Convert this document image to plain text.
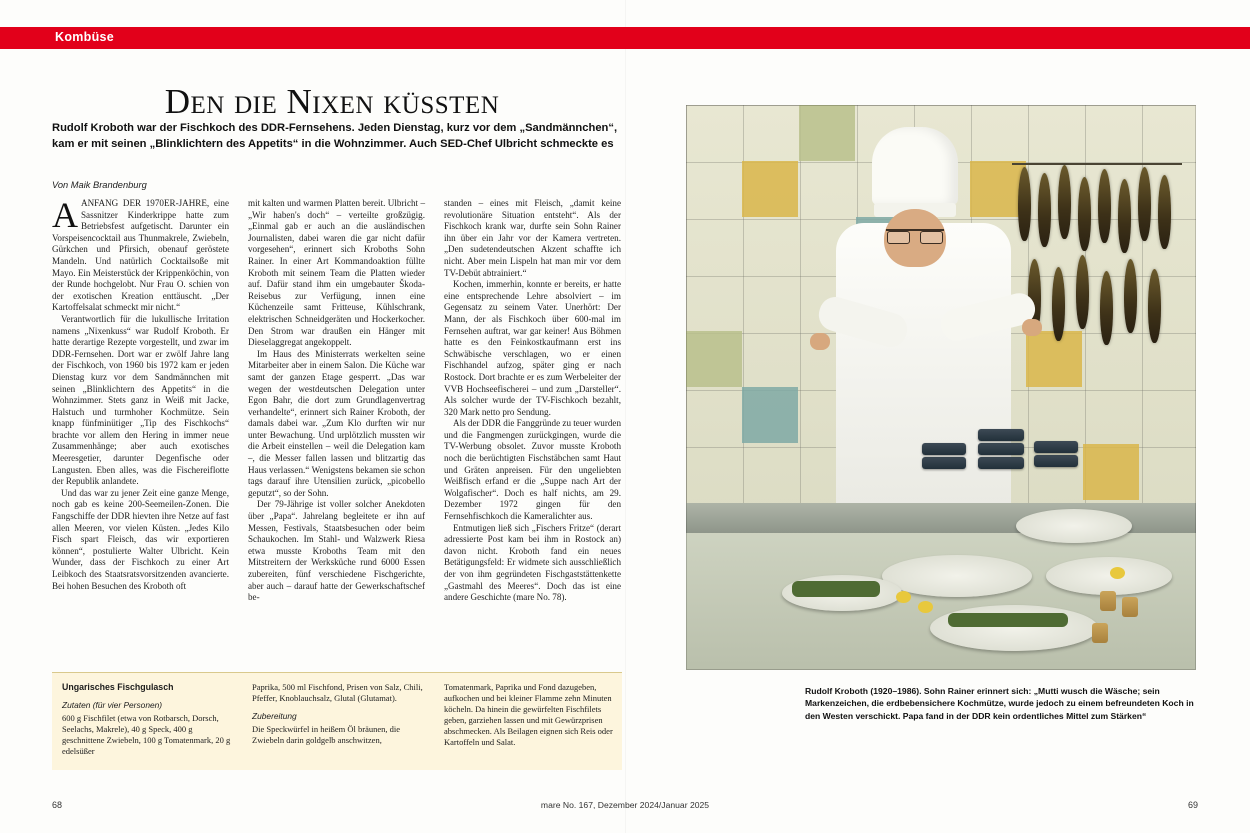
Kombüse
Den die Nixen küssten
Rudolf Kroboth war der Fischkoch des DDR-Fernsehens. Jeden Dienstag, kurz vor dem „Sandmännchen“, kam er mit seinen „Blinklichtern des Appetits“ in die Wohnzimmer. Auch SED-Chef Ulbricht schmeckte es
Von Maik Brandenburg

AANFANG DER 1970ER-JAHRE, eine Sassnitzer Kinderkrippe hatte zum Betriebsfest aufgetischt. Darunter ein Vorspeisencocktail aus Thunmakrele, Zwiebeln, Gürkchen und Pfirsich, obenauf geröstete Mandeln. Und natürlich Cocktailsoße mit Mayo. Ein Meisterstück der Krippenköchin, von der Runde hochgelobt. Nur Frau O. schien von der exotischen Kreation enttäuscht. „Der Kartoffelsalat schmeckt mir nicht.“

Verantwortlich für die lukullische Irritation namens „Nixenkuss“ war Rudolf Kroboth. Er hatte derartige Rezepte vorgestellt, und zwar im DDR-Fernsehen. Dort war er zwölf Jahre lang der Fischkoch, von 1960 bis 1972 kam er jeden Dienstag kurz vor dem Sandmännchen mit seinen „Blinklichtern des Appetits“ in die Wohnzimmer. Stets ganz in Weiß mit Jacke, Halstuch und turmhoher Kochmütze. Sein knapp fünfminütiger „Tip des Fischkochs“ brachte vor allem den Hering in immer neue Zusammenhänge; aber auch exotisches Meeresgetier, darunter Degenfische oder Langusten. Eben alles, was die Fischereiflotte der Republik anlandete.

Und das war zu jener Zeit eine ganze Menge, noch gab es keine 200-Seemeilen-Zonen. Die Fangschiffe der DDR hievten ihre Netze auf fast allen Meeren, vor vielen Küsten. „Jedes Kilo Fisch spart Fleisch, das wir exportieren können“, postulierte Walter Ulbricht. Kein Wunder, dass der Fischkoch zu einer Art Leibkoch des Staatsratsvorsitzenden avancierte. Bei hohen Besuchen des Kroboth oft

mit kalten und warmen Platten bereit. Ulbricht – „Wir haben's doch“ – verteilte großzügig. „Einmal gab er auch an die ausländischen Journalisten, dabei waren die gar nicht dafür vorgesehen“, erinnert sich Kroboths Sohn Rainer. In einer Art Kommandoaktion füllte Kroboth mit seinem Team die Platten wieder auf. Dafür stand ihm ein umgebauter Škoda-Reisebus zur Verfügung, innen eine Küchenzeile samt Fritteuse, Kühlschrank, elektrischen Schneidgeräten und Hockerkocher. Den Strom war draußen ein Hänger mit Dieselaggregat angekoppelt.

Im Haus des Ministerrats werkelten seine Mitarbeiter aber in einem Salon. Die Küche war samt der ganzen Etage gesperrt. „Das war wegen der westdeutschen Delegation unter Egon Bahr, die dort zum Grundlagenvertrag verhandelte“, erinnert sich Rainer Kroboth, der damals dabei war. „Zum Klo durften wir nur unter Bewachung. Und urplötzlich mussten wir die Arbeit einstellen – weil die Delegation kam –, die Messer fallen lassen und blitzartig das Haus verlassen.“ Wenigstens bekamen sie schon tags darauf ihre Utensilien zurück, „picobello geputzt“, so der Sohn.

Der 79-Jährige ist voller solcher Anekdoten über „Papa“. Jahrelang begleitete er ihn auf Messen, Festivals, Staatsbesuchen oder beim Schaukochen. Im Stahl- und Walzwerk Riesa etwa musste Kroboths Team mit den Mitstreitern der Werksküche rund 6000 Essen zubereiten, fünf verschiedene Fischgerichte, aber auch – darauf hatte der Gewerkschaftschef be-

standen – eines mit Fleisch, „damit keine revolutionäre Situation entsteht“. Als der Fischkoch krank war, durfte sein Sohn Rainer ihn über ein Jahr vor der Kamera vertreten. „Den sudetendeutschen Akzent schaffte ich nicht. Aber mein Lispeln hat man mir vor dem TV-Debüt abtrainiert.“

Kochen, immerhin, konnte er bereits, er hatte eine entsprechende Lehre absolviert – im Gegensatz zu seinem Vater. Unerhört: Der Mann, der als Fischkoch über 600-mal im Fernsehen auftrat, war gar keiner! Aus Böhmen hatte es den Feinkostkaufmann erst ins Schwäbische verschlagen, wo er einen Fischhandel aufzog, später ging er nach Rostock. Dort brachte er es zum Werbeleiter der VVB Hochseefischerei – und zum „Darsteller“. Als solcher wurde der TV-Fischkoch bezahlt, 320 Mark netto pro Sendung.

Als der DDR die Fanggründe zu teuer wurden und die Fangmengen zurückgingen, wurde die TV-Werbung obsolet. Zuvor musste Kroboth noch die berüchtigten Fischstäbchen samt Haut und Gräten anpreisen. Für den ungeliebten Weißfisch erfand er die „Suppe nach Art der Wolgafischer“. Doch es half nichts, am 29. Dezember 1972 gingen für den Fernsehfischkoch die Kameralichter aus.

Entmutigen ließ sich „Fischers Fritze“ (derart adressierte Post kam bei ihm in Rostock an) davon nicht. Kroboth fand ein neues Betätigungsfeld: Er widmete sich ausschließlich der von ihm gegründeten Fischgaststättenkette „Gastmahl des Meeres“. Doch das ist eine andere Geschichte (mare No. 78).

Ungarisches Fischgulasch

Zutaten (für vier Personen)

600 g Fischfilet (etwa von Rotbarsch, Dorsch, Seelachs, Makrele), 40 g Speck, 400 g geschnittene Zwiebeln, 100 g Tomatenmark, 20 g edelsüßer

Paprika, 500 ml Fischfond, Prisen von Salz, Chili, Pfeffer, Knoblauchsalz, Glutal (Glutamat).

Zubereitung

Die Speckwürfel in heißem Öl bräunen, die Zwiebeln darin goldgelb anschwitzen,

Tomatenmark, Paprika und Fond dazugeben, aufkochen und bei kleiner Flamme zehn Minuten köcheln. Da hinein die gewürfelten Fischfilets geben, garziehen lassen und mit Gewürzprisen abschmecken. Als Beilagen eignen sich Reis oder Kartoffeln und Salat.

Rudolf Kroboth (1920–1986). Sohn Rainer erinnert sich: „Mutti wusch die Wäsche; sein Markenzeichen, die erdbebensichere Kochmütze, wurde jedoch zu einem befreundeten Koch in den Westen verschickt. Papa fand in der DDR kein ordentliches Mittel zum Stärken“
68	mare No. 167, Dezember 2024/Januar 2025	69
